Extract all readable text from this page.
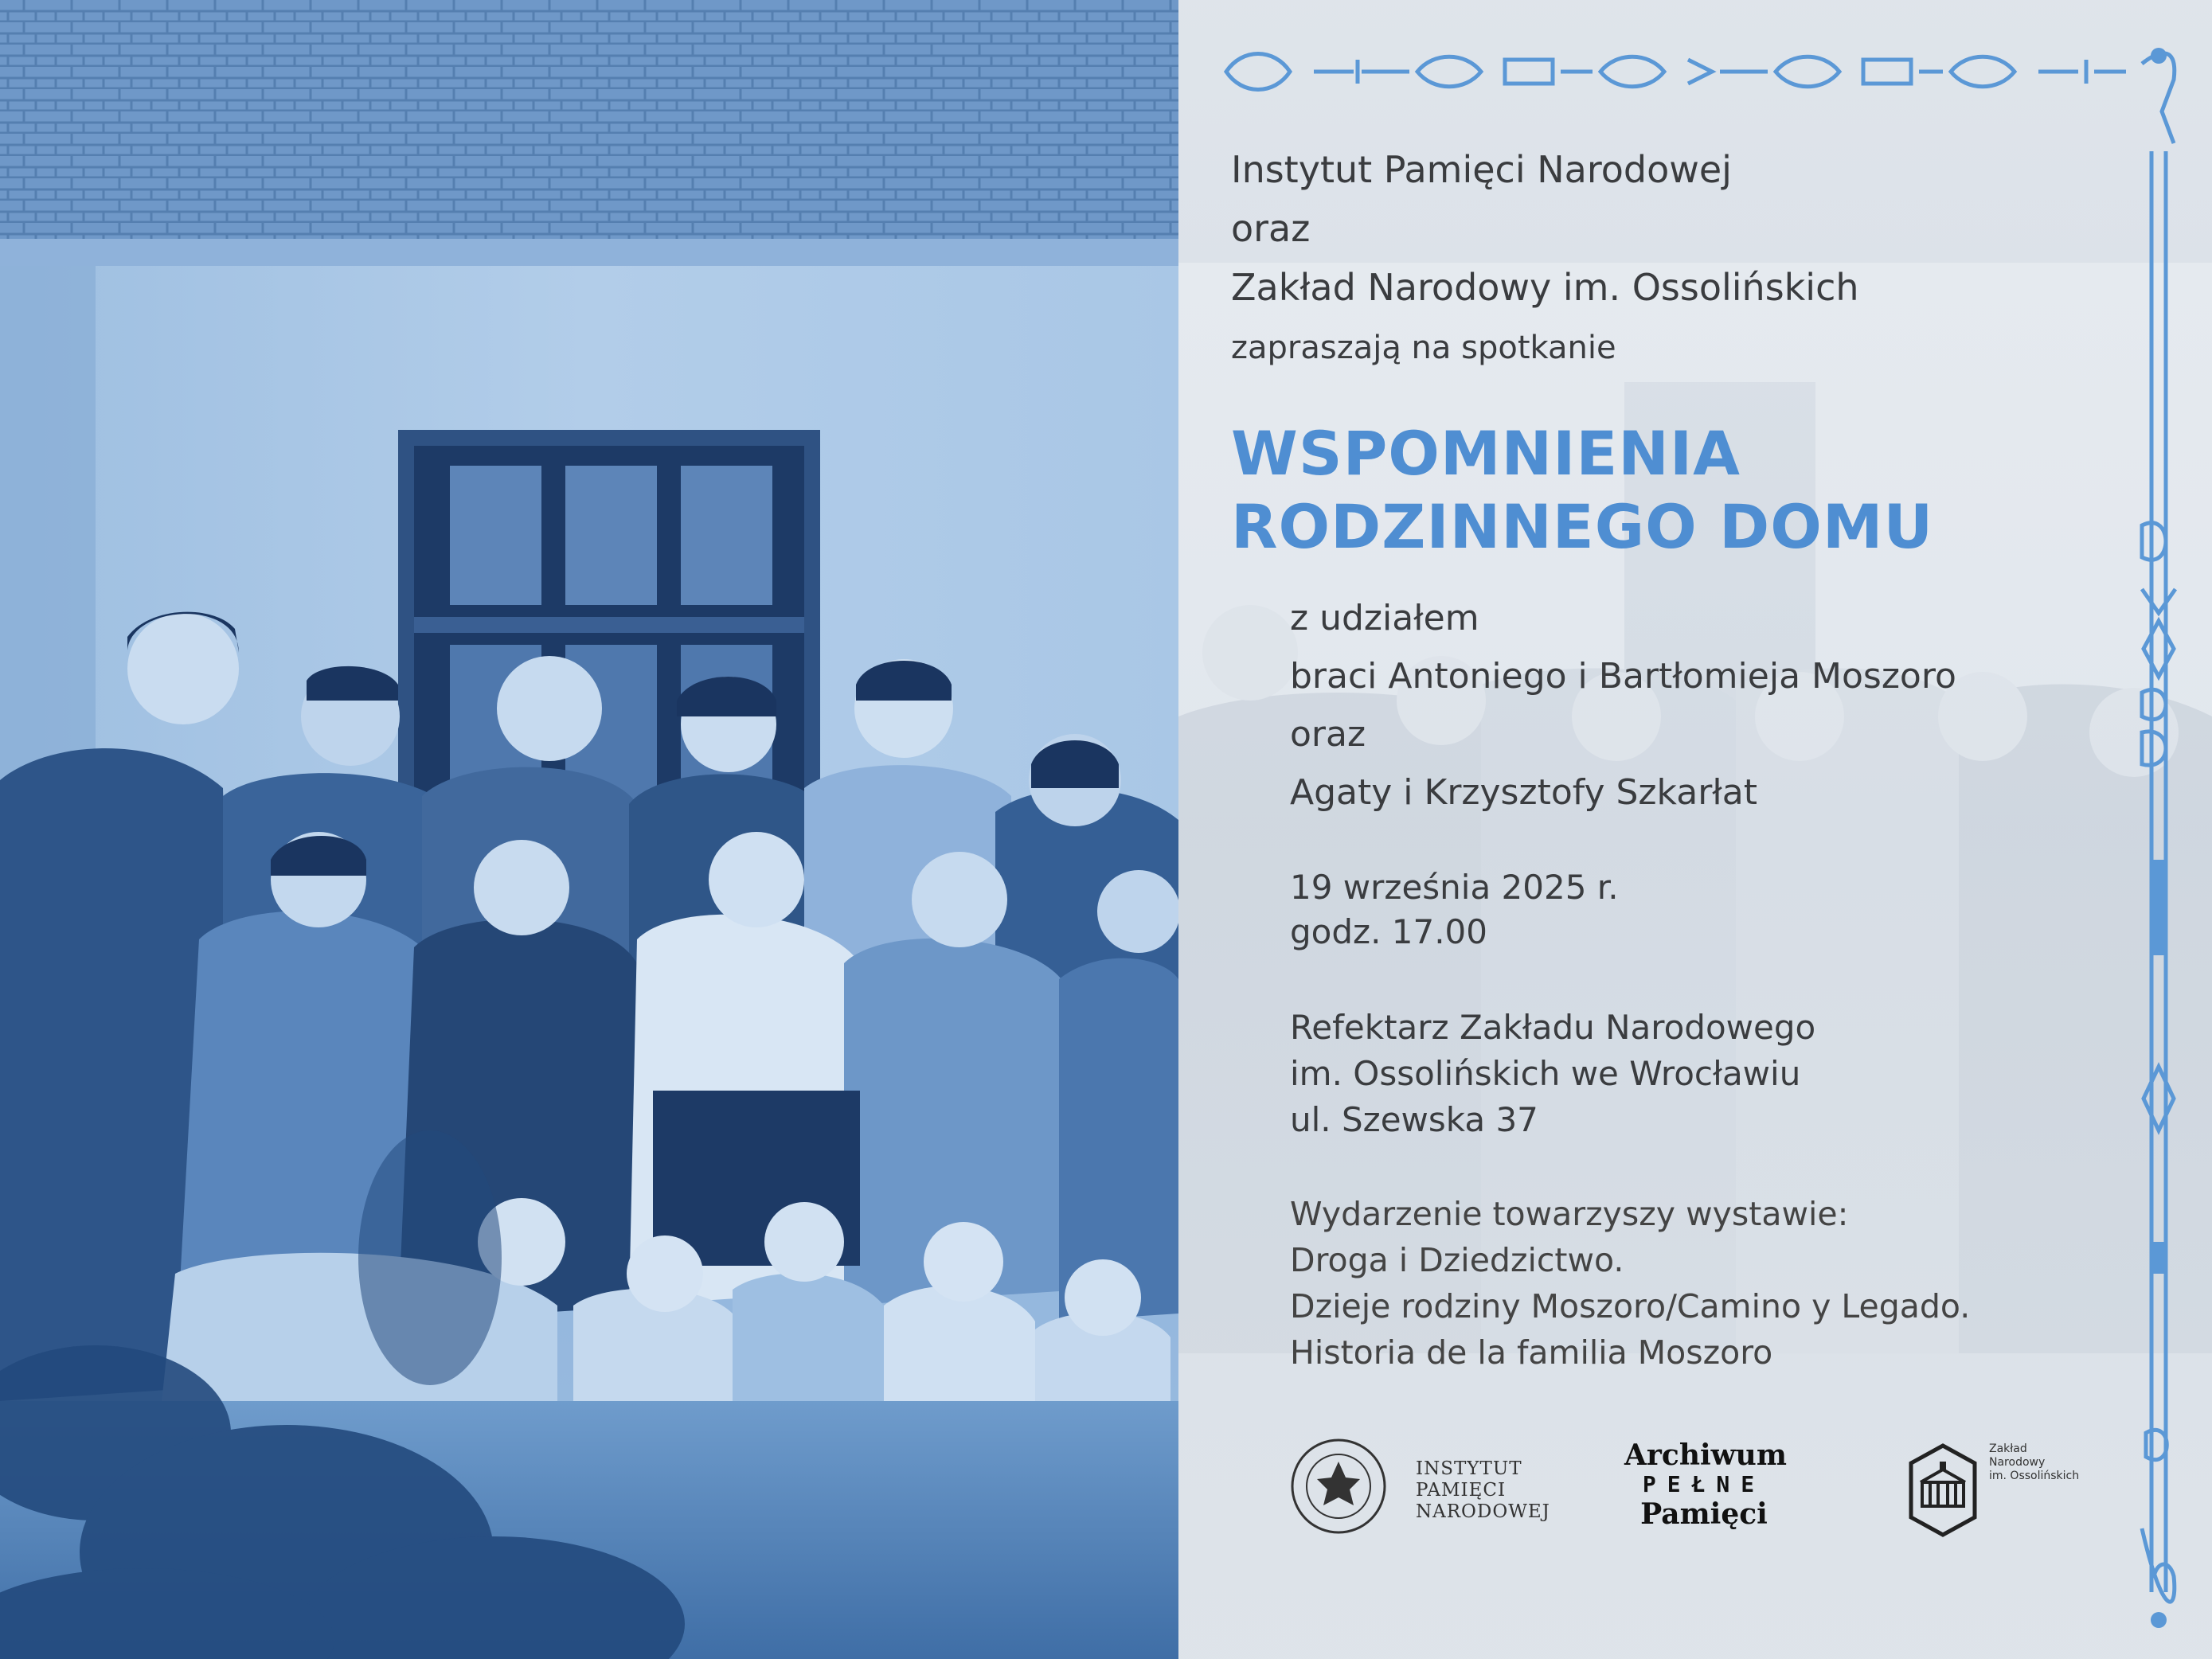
Instytut Pamięci Narodowej
oraz
Zakład Narodowy im. Ossolińskich
zapraszają na spotkanie
WSPOMNIENIA
RODZINNEGO DOMU
z udziałem
braci Antoniego i Bartłomieja Moszoro
oraz
Agaty i Krzysztofy Szkarłat
19 września 2025 r.
godz. 17.00
Refektarz Zakładu Narodowego
im. Ossolińskich we Wrocławiu
ul. Szewska 37
Wydarzenie towarzyszy wystawie:
Droga i Dziedzictwo.
Dzieje rodziny Moszoro/Camino y Legado.
Historia de la familia Moszoro
INSTYTUT
PAMIĘCI
NARODOWEJ
Archiwum
PEŁNE
Pamięci
Zakład
Narodowy
im. Ossolińskich
